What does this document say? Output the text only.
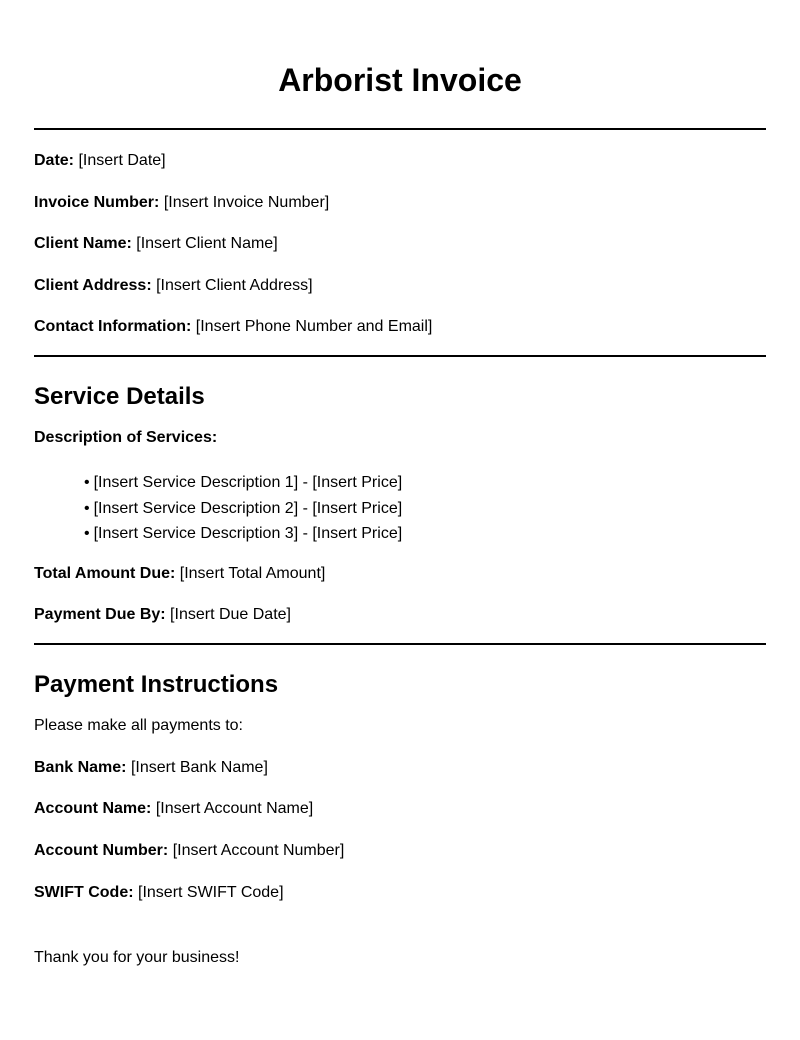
Arborist Invoice

Date: [Insert Date]

Invoice Number: [Insert Invoice Number]

Client Name: [Insert Client Name]

Client Address: [Insert Client Address]

Contact Information: [Insert Phone Number and Email]

Service Details

Description of Services:

• [Insert Service Description 1] - [Insert Price]
• [Insert Service Description 2] - [Insert Price]
• [Insert Service Description 3] - [Insert Price]

Total Amount Due: [Insert Total Amount]

Payment Due By: [Insert Due Date]

Payment Instructions

Please make all payments to:

Bank Name: [Insert Bank Name]

Account Name: [Insert Account Name]

Account Number: [Insert Account Number]

SWIFT Code: [Insert SWIFT Code]

Thank you for your business!
